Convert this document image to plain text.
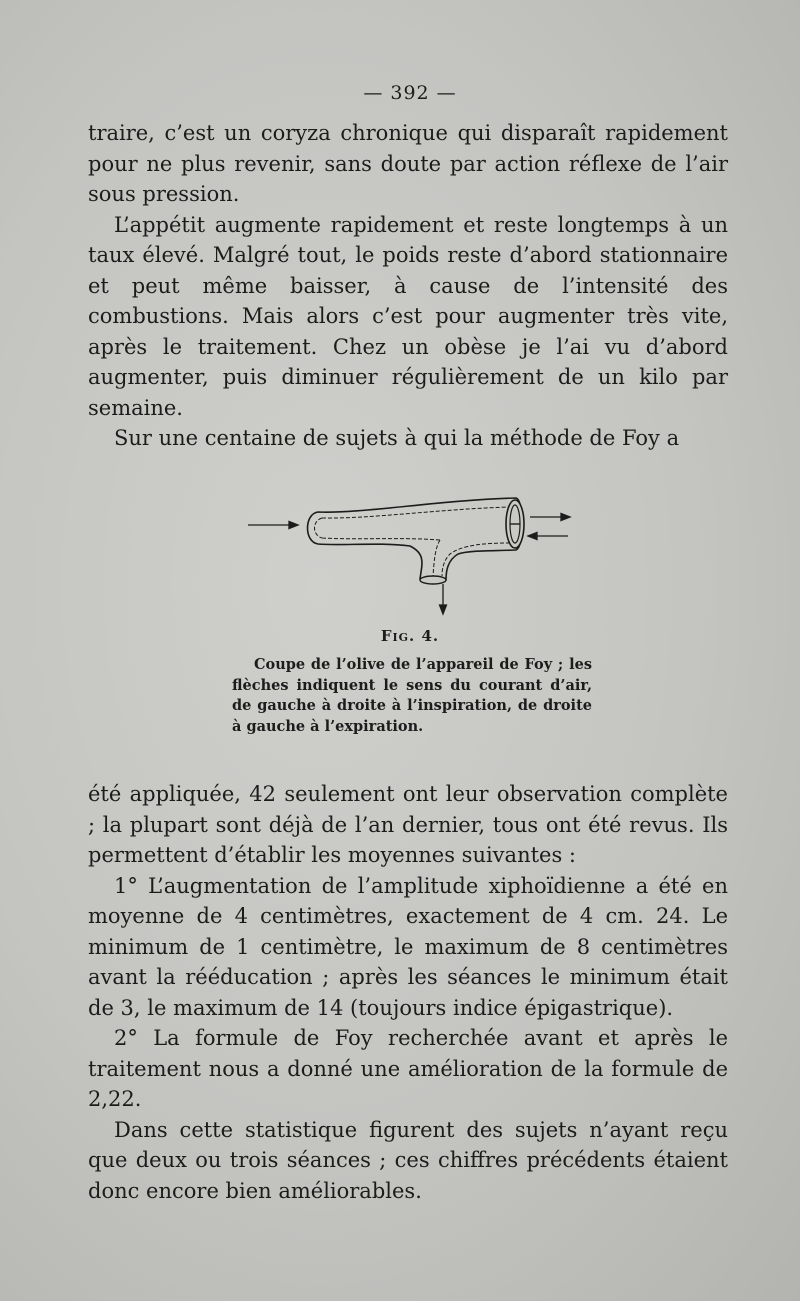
— 392 —

traire, c’est un coryza chronique qui disparaît rapidement pour ne plus revenir, sans doute par action réflexe de l’air sous pression.

L’appétit augmente rapidement et reste longtemps à un taux élevé. Malgré tout, le poids reste d’abord stationnaire et peut même baisser, à cause de l’intensité des combustions. Mais alors c’est pour augmenter très vite, après le traitement. Chez un obèse je l’ai vu d’abord augmenter, puis diminuer régulièrement de un kilo par semaine.

Sur une centaine de sujets à qui la méthode de Foy a

Fig. 4.

Coupe de l’olive de l’appareil de Foy ; les flèches indiquent le sens du courant d’air, de gauche à droite à l’inspiration, de droite à gauche à l’expiration.

été appliquée, 42 seulement ont leur observation complète ; la plupart sont déjà de l’an dernier, tous ont été revus. Ils permettent d’établir les moyennes suivantes :

1° L’augmentation de l’amplitude xiphoïdienne a été en moyenne de 4 centimètres, exactement de 4 cm. 24. Le minimum de 1 centimètre, le maximum de 8 centimètres avant la rééducation ; après les séances le minimum était de 3, le maximum de 14 (toujours indice épigastrique).

2° La formule de Foy recherchée avant et après le traitement nous a donné une amélioration de la formule de 2,22.

Dans cette statistique figurent des sujets n’ayant reçu que deux ou trois séances ; ces chiffres précédents étaient donc encore bien améliorables.
